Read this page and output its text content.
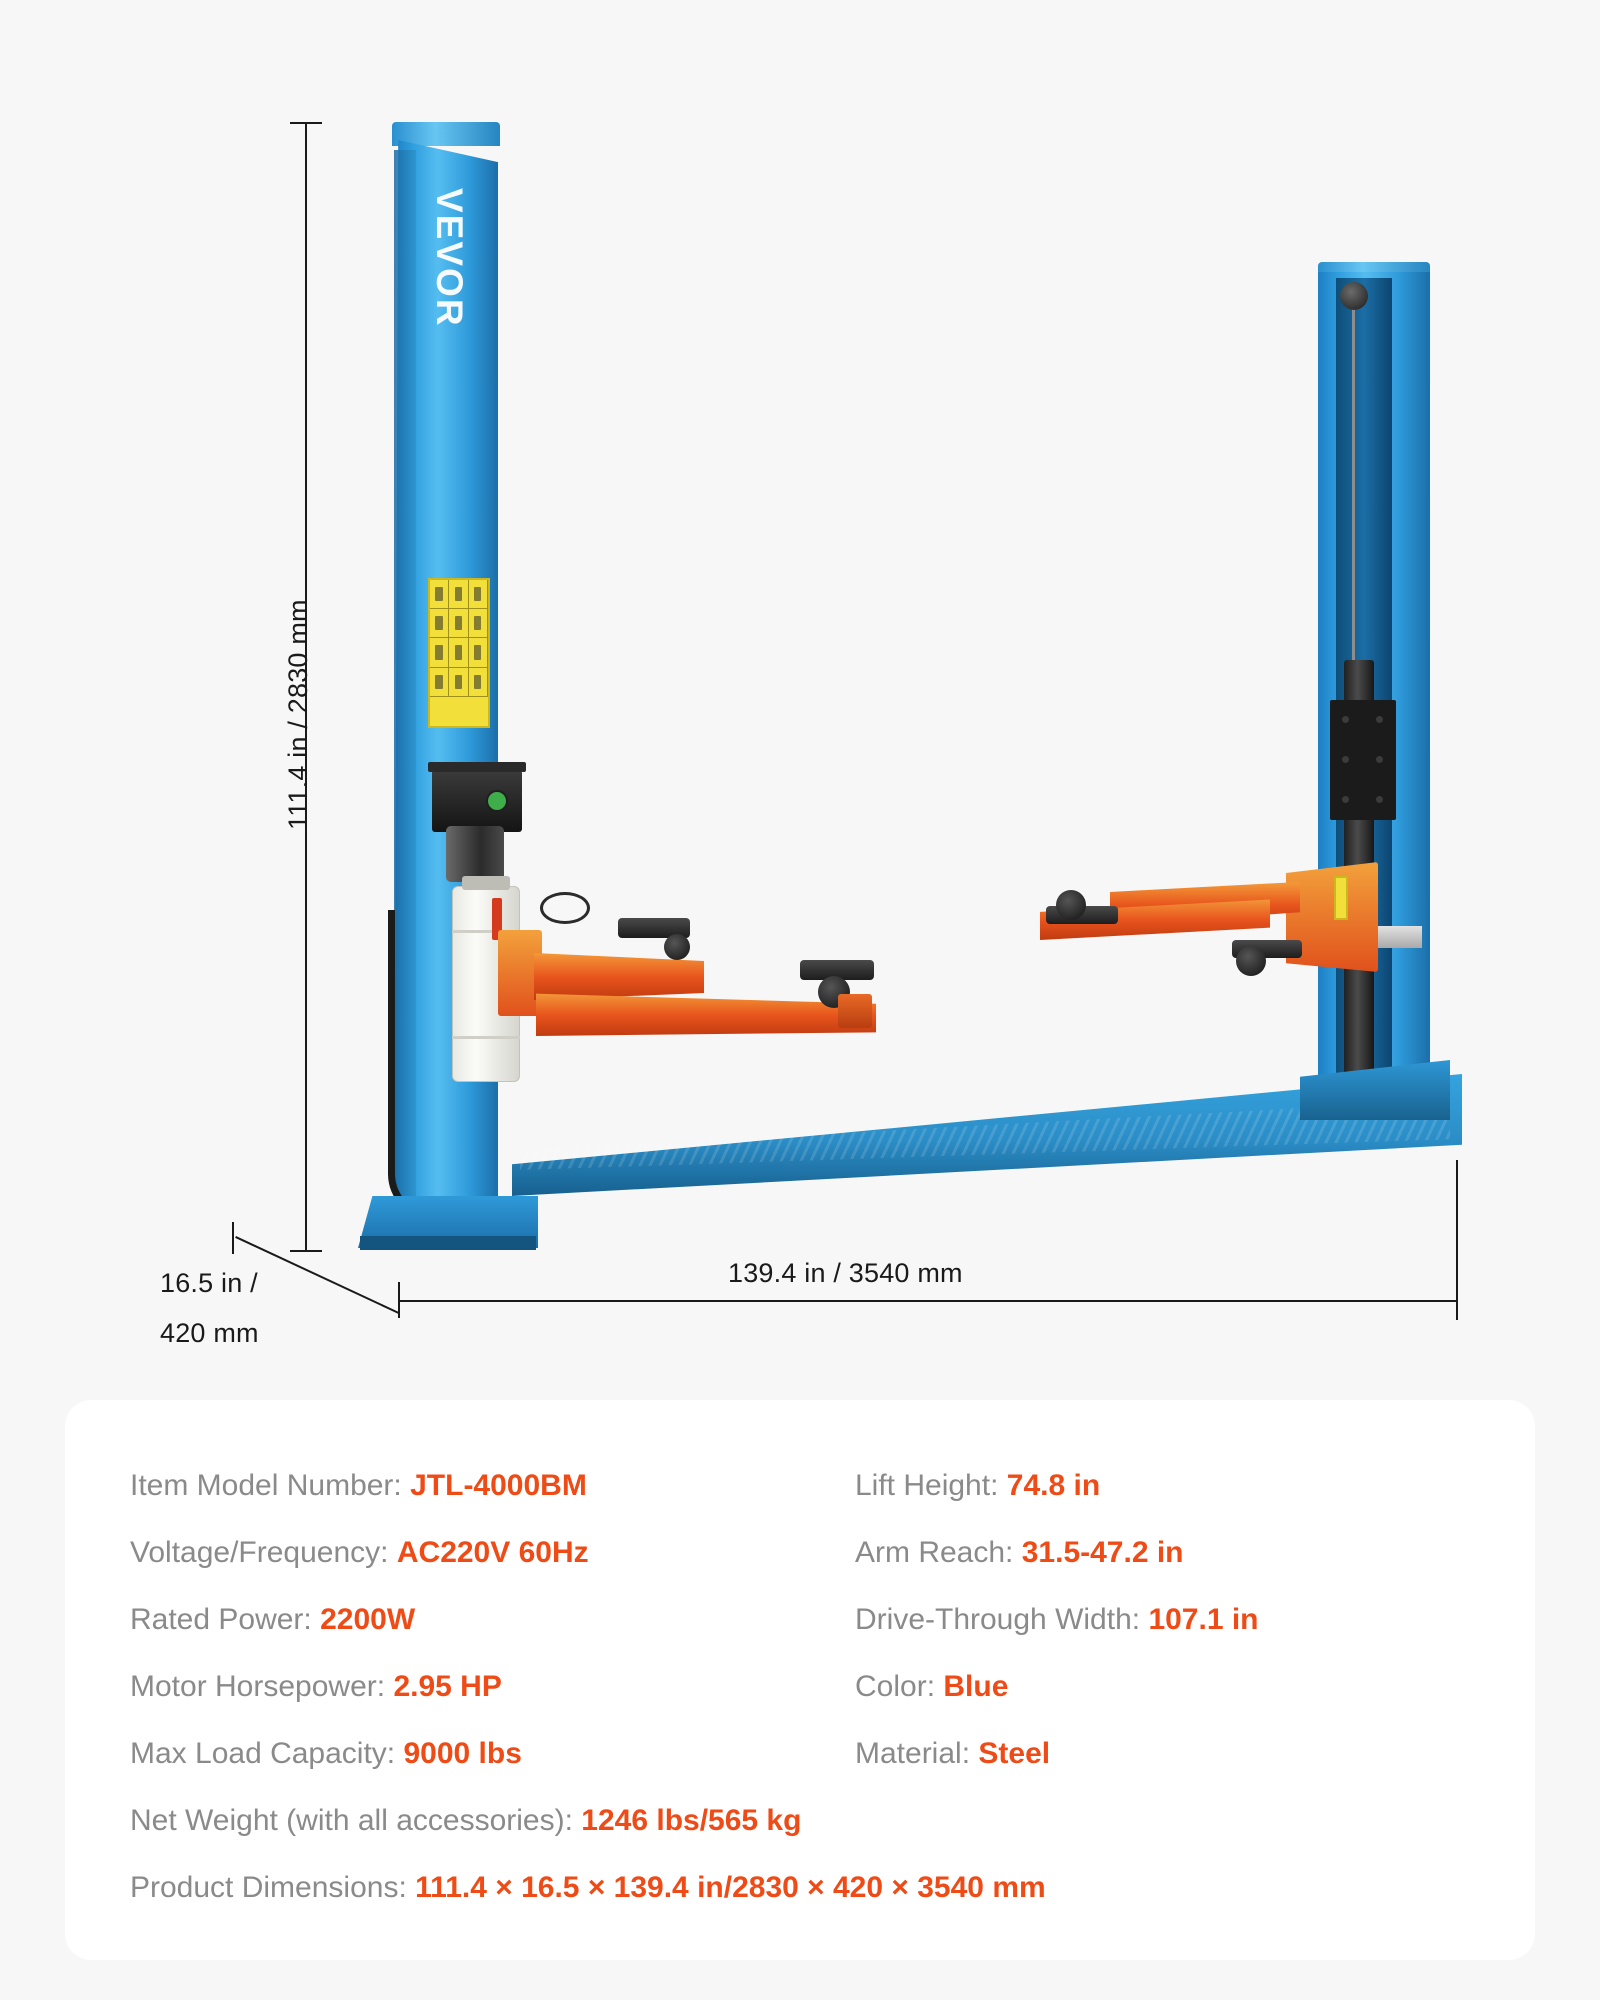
111.4 in / 2830 mm
VEVOR
139.4 in / 3540 mm
16.5 in /
420 mm
Item Model Number: JTL-4000BM
Voltage/Frequency: AC220V 60Hz
Rated Power: 2200W
Motor Horsepower: 2.95 HP
Max Load Capacity: 9000 lbs
Lift Height: 74.8 in
Arm Reach: 31.5-47.2 in
Drive-Through Width: 107.1 in
Color: Blue
Material: Steel
Net Weight (with all accessories): 1246 lbs/565 kg
Product Dimensions: 111.4 × 16.5 × 139.4 in/2830 × 420 × 3540 mm
